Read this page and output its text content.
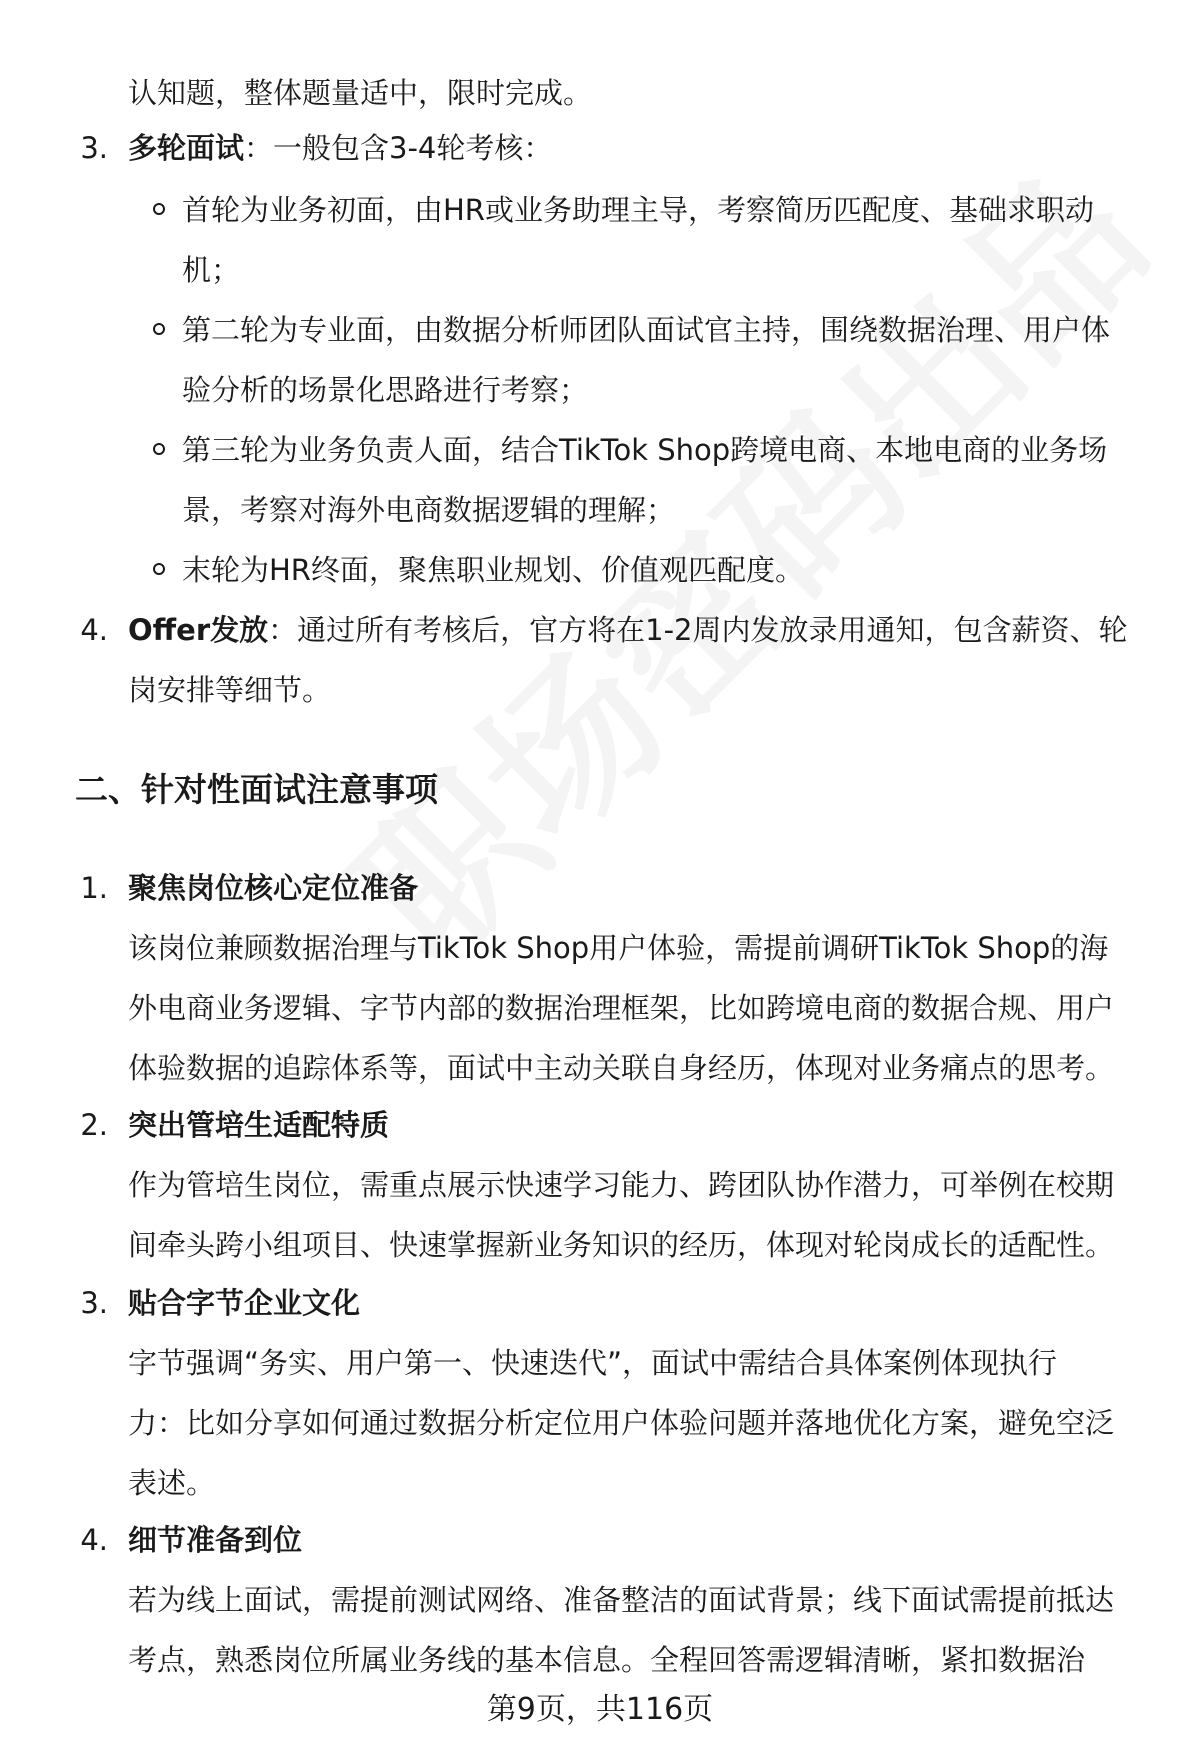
认知题，整体题量适中，限时完成。
3. 多轮面试：一般包含3-4轮考核：
首轮为业务初面，由HR或业务助理主导，考察简历匹配度、基础求职动
机；
第二轮为专业面，由数据分析师团队面试官主持，围绕数据治理、用户体
验分析的场景化思路进行考察；
第三轮为业务负责人面，结合TikTok Shop跨境电商、本地电商的业务场
景，考察对海外电商数据逻辑的理解；
末轮为HR终面，聚焦职业规划、价值观匹配度。
4. Offer发放：通过所有考核后，官方将在1-2周内发放录用通知，包含薪资、轮
岗安排等细节。
二、针对性面试注意事项
1. 聚焦岗位核心定位准备
该岗位兼顾数据治理与TikTok Shop用户体验，需提前调研TikTok Shop的海
外电商业务逻辑、字节内部的数据治理框架，比如跨境电商的数据合规、用户
体验数据的追踪体系等，面试中主动关联自身经历，体现对业务痛点的思考。
2. 突出管培生适配特质
作为管培生岗位，需重点展示快速学习能力、跨团队协作潜力，可举例在校期
间牵头跨小组项目、快速掌握新业务知识的经历，体现对轮岗成长的适配性。
3. 贴合字节企业文化
字节强调“务实、用户第一、快速迭代”，面试中需结合具体案例体现执行
力：比如分享如何通过数据分析定位用户体验问题并落地优化方案，避免空泛
表述。
4. 细节准备到位
若为线上面试，需提前测试网络、准备整洁的面试背景；线下面试需提前抵达
考点，熟悉岗位所属业务线的基本信息。全程回答需逻辑清晰，紧扣数据治
第9页，共116页
